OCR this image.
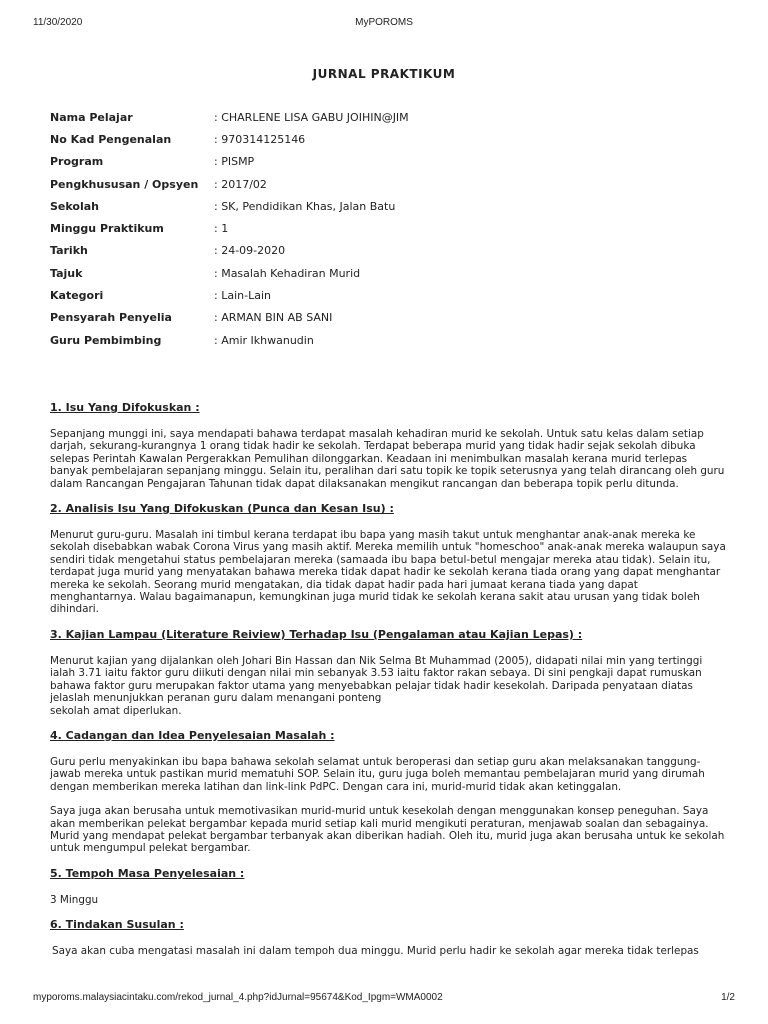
11/30/2020	MyPOROMS
JURNAL PRAKTIKUM
Nama Pelajar	: CHARLENE LISA GABU JOIHIN@JIM
No Kad Pengenalan	: 970314125146
Program	: PISMP
Pengkhususan / Opsyen	: 2017/02
Sekolah	: SK, Pendidikan Khas, Jalan Batu
Minggu Praktikum	: 1
Tarikh	: 24-09-2020
Tajuk	: Masalah Kehadiran Murid
Kategori	: Lain-Lain
Pensyarah Penyelia	: ARMAN BIN AB SANI
Guru Pembimbing	: Amir Ikhwanudin
1. Isu Yang Difokuskan :
Sepanjang munggi ini, saya mendapati bahawa terdapat masalah kehadiran murid ke sekolah. Untuk satu kelas dalam setiap darjah, sekurang-kurangnya 1 orang tidak hadir ke sekolah. Terdapat beberapa murid yang tidak hadir sejak sekolah dibuka selepas Perintah Kawalan Pergerakkan Pemulihan dilonggarkan. Keadaan ini menimbulkan masalah kerana murid terlepas banyak pembelajaran sepanjang minggu. Selain itu, peralihan dari satu topik ke topik seterusnya yang telah dirancang oleh guru dalam Rancangan Pengajaran Tahunan tidak dapat dilaksanakan mengikut rancangan dan beberapa topik perlu ditunda.
2. Analisis Isu Yang Difokuskan (Punca dan Kesan Isu) :
Menurut guru-guru. Masalah ini timbul kerana terdapat ibu bapa yang masih takut untuk menghantar anak-anak mereka ke sekolah disebabkan wabak Corona Virus yang masih aktif. Mereka memilih untuk "homeschoo" anak-anak mereka walaupun saya sendiri tidak mengetahui status pembelajaran mereka (samaada ibu bapa betul-betul mengajar mereka atau tidak). Selain itu, terdapat juga murid yang menyatakan bahawa mereka tidak dapat hadir ke sekolah kerana tiada orang yang dapat menghantar mereka ke sekolah. Seorang murid mengatakan, dia tidak dapat hadir pada hari jumaat kerana tiada yang dapat menghantarnya. Walau bagaimanapun, kemungkinan juga murid tidak ke sekolah kerana sakit atau urusan yang tidak boleh dihindari.
3. Kajian Lampau (Literature Reiview) Terhadap Isu (Pengalaman atau Kajian Lepas) :
Menurut kajian yang dijalankan oleh Johari Bin Hassan dan Nik Selma Bt Muhammad (2005), didapati nilai min yang tertinggi ialah 3.71 iaitu faktor guru diikuti dengan nilai min sebanyak 3.53 iaitu faktor rakan sebaya. Di sini pengkaji dapat rumuskan bahawa faktor guru merupakan faktor utama yang menyebabkan pelajar tidak hadir kesekolah. Daripada penyataan diatas jelaslah menunjukkan peranan guru dalam menangani ponteng
sekolah amat diperlukan.
4. Cadangan dan Idea Penyelesaian Masalah :
Guru perlu menyakinkan ibu bapa bahawa sekolah selamat untuk beroperasi dan setiap guru akan melaksanakan tanggung-jawab mereka untuk pastikan murid mematuhi SOP. Selain itu, guru juga boleh memantau pembelajaran murid yang dirumah dengan memberikan mereka latihan dan link-link PdPC. Dengan cara ini, murid-murid tidak akan ketinggalan.
Saya juga akan berusaha untuk memotivasikan murid-murid untuk kesekolah dengan menggunakan konsep peneguhan. Saya akan memberikan pelekat bergambar kepada murid setiap kali murid mengikuti peraturan, menjawab soalan dan sebagainya. Murid yang mendapat pelekat bergambar terbanyak akan diberikan hadiah. Oleh itu, murid juga akan berusaha untuk ke sekolah untuk mengumpul pelekat bergambar.
5. Tempoh Masa Penyelesaian :
3 Minggu
6. Tindakan Susulan :
Saya akan cuba mengatasi masalah ini dalam tempoh dua minggu. Murid perlu hadir ke sekolah agar mereka tidak terlepas
myporoms.malaysiacintaku.com/rekod_jurnal_4.php?idJurnal=95674&Kod_Ipgm=WMA0002	1/2
